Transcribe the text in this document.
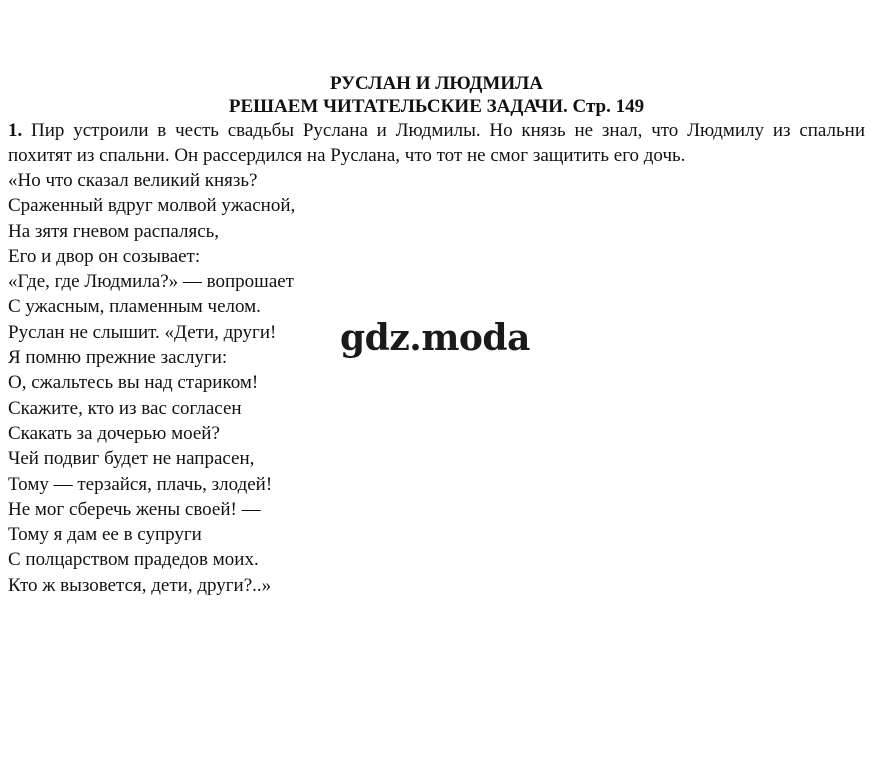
РУСЛАН И ЛЮДМИЛА

РЕШАЕМ ЧИТАТЕЛЬСКИЕ ЗАДАЧИ. Стр. 149

1. Пир устроили в честь свадьбы Руслана и Людмилы. Но князь не знал, что Людмилу из спальни похитят из спальни. Он рассердился на Руслана, что тот не смог защитить его дочь.

«Но что сказал великий князь?

Сраженный вдруг молвой ужасной,

На зятя гневом распалясь,

Его и двор он созывает:

«Где, где Людмила?» — вопрошает

С ужасным, пламенным челом.

Руслан не слышит. «Дети, други!

Я помню прежние заслуги:

О, сжальтесь вы над стариком!

Скажите, кто из вас согласен

Скакать за дочерью моей?

Чей подвиг будет не напрасен,

Тому — терзайся, плачь, злодей!

Не мог сберечь жены своей! —

Тому я дам ее в супруги

С полцарством прадедов моих.

Кто ж вызовется, дети, други?..»

gdz.moda
